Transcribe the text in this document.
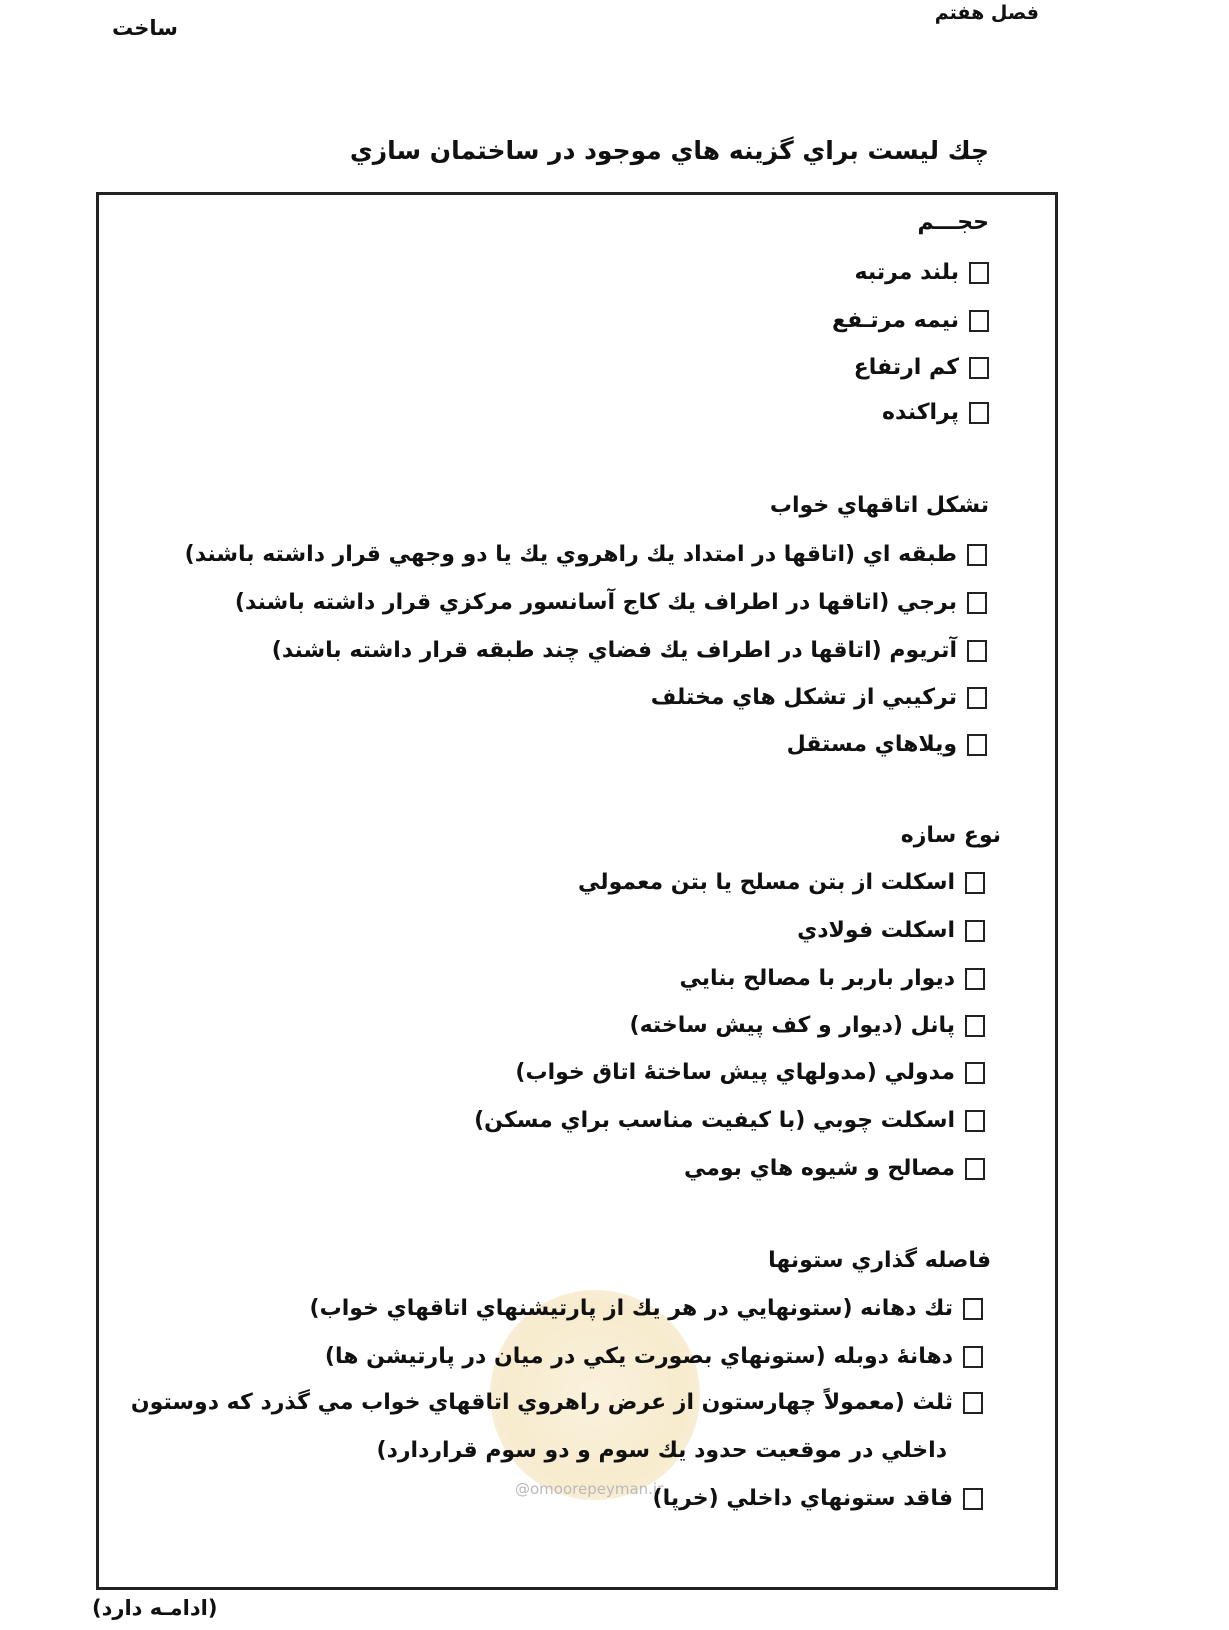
فصل هفتم
ساخت
چك ليست براي گزينه هاي موجود در ساختمان سازي
@omoorepeyman.ir
حجـــم
بلند مرتبه
نيمه مرتـفع
كم ارتفاع
پراكنده
تشكل اتاقهاي خواب
طبقه اي (اتاقها در امتداد يك راهروي يك يا دو وجهي قرار داشته باشند)
برجي (اتاقها در اطراف يك كاج آسانسور مركزي قرار داشته باشند)
آتريوم (اتاقها در اطراف يك فضاي چند طبقه قرار داشته باشند)
تركيبي از تشكل هاي مختلف
ويلاهاي مستقل
نوع سازه
اسكلت از بتن مسلح يا بتن معمولي
اسكلت فولادي
ديوار باربر با مصالح بنايي
پانل (ديوار و كف پيش ساخته)
مدولي (مدولهاي پيش ساختهٔ اتاق خواب)
اسكلت چوبي (با كيفيت مناسب براي مسكن)
مصالح و شيوه هاي بومي
فاصله گذاري ستونها
تك دهانه (ستونهايي در هر يك از پارتيشنهاي اتاقهاي خواب)
دهانهٔ دوبله (ستونهاي بصورت يكي در ميان در پارتيشن ها)
ثلث (معمولاً چهارستون از عرض راهروي اتاقهاي خواب مي گذرد كه دوستون
داخلي در موقعيت حدود يك سوم و دو سوم قراردارد)
فاقد ستونهاي داخلي (خرپا)
(ادامـه دارد)
